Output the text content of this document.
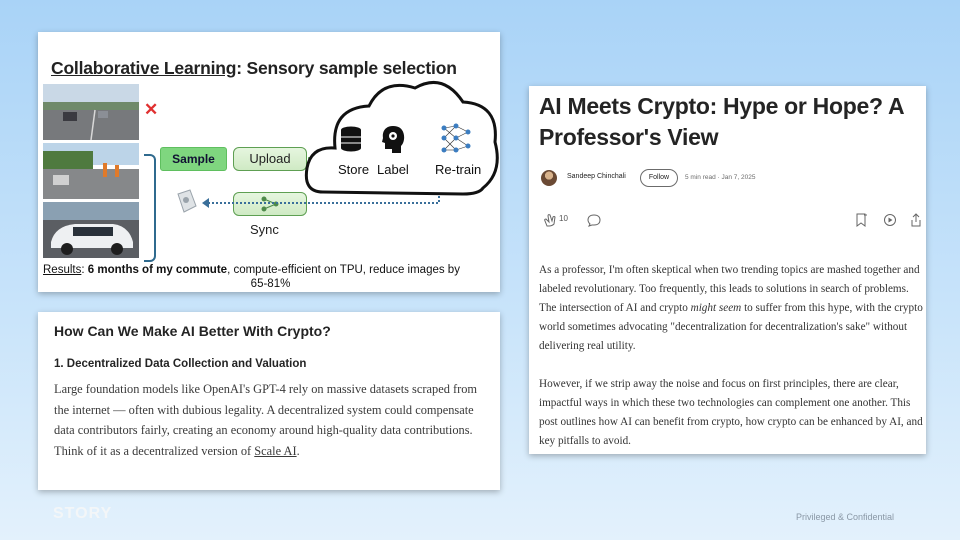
Collaborative Learning: Sensory sample selection
✕
Sample	Upload
Sync
Store Label Re-train
Results: 6 months of my commute, compute-efficient on TPU, reduce images by
65-81%
How Can We Make AI Better With Crypto?
1. Decentralized Data Collection and Valuation
Large foundation models like OpenAI's GPT-4 rely on massive datasets scraped from the internet — often with dubious legality. A decentralized system could compensate data contributors fairly, creating an economy around high-quality data contributions. Think of it as a decentralized version of Scale AI.
AI Meets Crypto: Hype or Hope? A Professor's View
Sandeep Chinchali	Follow	5 min read · Jan 7, 2025
10

As a professor, I'm often skeptical when two trending topics are mashed together and labeled revolutionary. Too frequently, this leads to solutions in search of problems. The intersection of AI and crypto might seem to suffer from this hype, with the crypto world sometimes advocating "decentralization for decentralization's sake" without delivering real utility.

However, if we strip away the noise and focus on first principles, there are clear, impactful ways in which these two technologies can complement one another. This post outlines how AI can benefit from crypto, how crypto can be enhanced by AI, and key pitfalls to avoid.

STORY	Privileged & Confidential
